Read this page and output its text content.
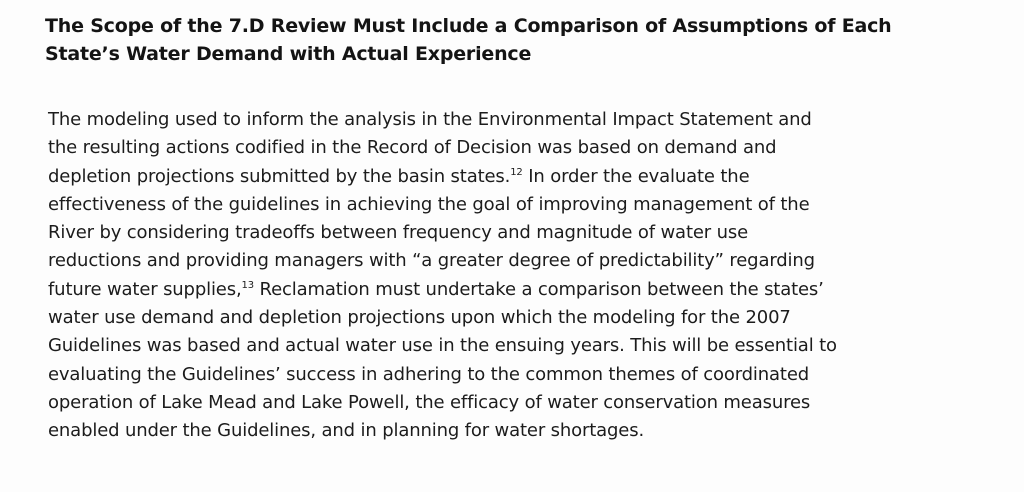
The Scope of the 7.D Review Must Include a Comparison of Assumptions of Each
State’s Water Demand with Actual Experience
The modeling used to inform the analysis in the Environmental Impact Statement and
the resulting actions codified in the Record of Decision was based on demand and
depletion projections submitted by the basin states.$^{12}$ In order the evaluate the
effectiveness of the guidelines in achieving the goal of improving management of the
River by considering tradeoffs between frequency and magnitude of water use
reductions and providing managers with “a greater degree of predictability” regarding
future water supplies,$^{13}$ Reclamation must undertake a comparison between the states’
water use demand and depletion projections upon which the modeling for the 2007
Guidelines was based and actual water use in the ensuing years. This will be essential to
evaluating the Guidelines’ success in adhering to the common themes of coordinated
operation of Lake Mead and Lake Powell, the efficacy of water conservation measures
enabled under the Guidelines, and in planning for water shortages.
